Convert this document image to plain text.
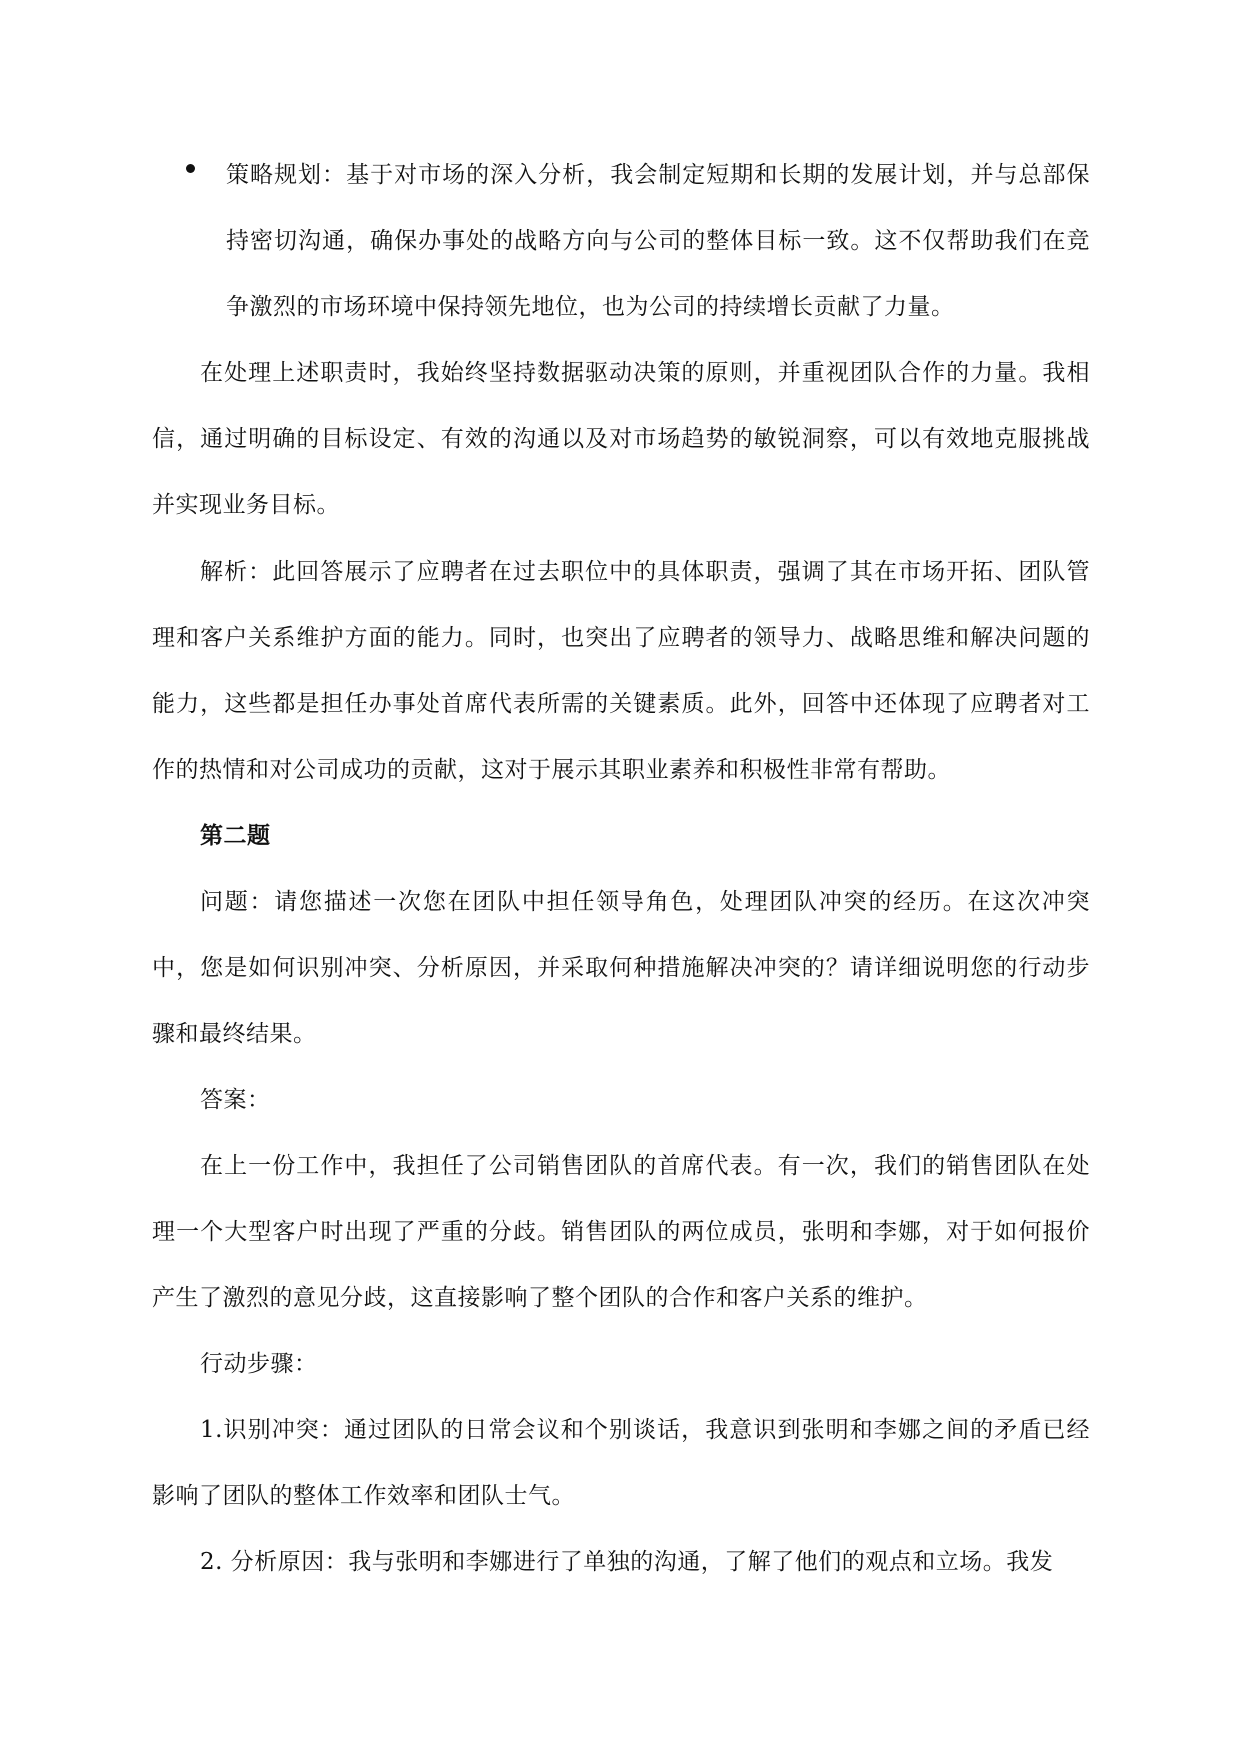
策略规划：基于对市场的深入分析，我会制定短期和长期的发展计划，并与总部保持密切沟通，确保办事处的战略方向与公司的整体目标一致。这不仅帮助我们在竞争激烈的市场环境中保持领先地位，也为公司的持续增长贡献了力量。

在处理上述职责时，我始终坚持数据驱动决策的原则，并重视团队合作的力量。我相信，通过明确的目标设定、有效的沟通以及对市场趋势的敏锐洞察，可以有效地克服挑战并实现业务目标。

解析：此回答展示了应聘者在过去职位中的具体职责，强调了其在市场开拓、团队管理和客户关系维护方面的能力。同时，也突出了应聘者的领导力、战略思维和解决问题的能力，这些都是担任办事处首席代表所需的关键素质。此外，回答中还体现了应聘者对工作的热情和对公司成功的贡献，这对于展示其职业素养和积极性非常有帮助。

第二题

问题：请您描述一次您在团队中担任领导角色，处理团队冲突的经历。在这次冲突中，您是如何识别冲突、分析原因，并采取何种措施解决冲突的？请详细说明您的行动步骤和最终结果。

答案：

在上一份工作中，我担任了公司销售团队的首席代表。有一次，我们的销售团队在处理一个大型客户时出现了严重的分歧。销售团队的两位成员，张明和李娜，对于如何报价产生了激烈的意见分歧，这直接影响了整个团队的合作和客户关系的维护。

行动步骤：

1.识别冲突：通过团队的日常会议和个别谈话，我意识到张明和李娜之间的矛盾已经影响了团队的整体工作效率和团队士气。

2. 分析原因：我与张明和李娜进行了单独的沟通，了解了他们的观点和立场。我发
